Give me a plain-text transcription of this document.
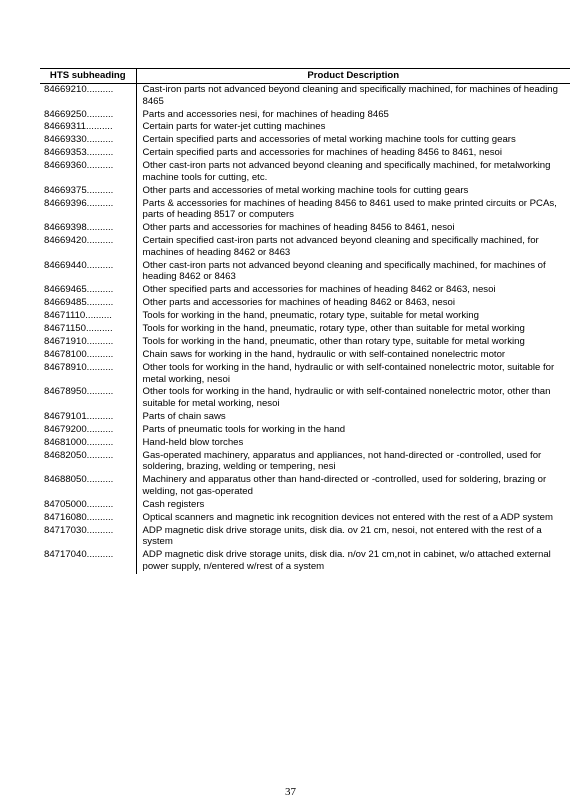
HTS subheading	Product Description
84669210..........	Cast-iron parts not advanced beyond cleaning and specifically machined, for machines of heading 8465
84669250..........	Parts and accessories nesi, for machines of heading 8465
84669311..........	Certain parts for water-jet cutting machines
84669330..........	Certain specified parts and accessories of metal working machine tools for cutting gears
84669353..........	Certain specified parts and accessories for machines of heading 8456 to 8461, nesoi
84669360..........	Other cast-iron parts not advanced beyond cleaning and specifically machined, for metalworking machine tools for cutting, etc.
84669375..........	Other parts and accessories of metal working machine tools for cutting gears
84669396..........	Parts & accessories for machines of heading 8456 to 8461 used to make printed circuits or PCAs, parts of heading 8517 or computers
84669398..........	Other parts and accessories for machines of heading 8456 to 8461, nesoi
84669420..........	Certain specified cast-iron parts not advanced beyond cleaning and specifically machined, for machines of heading 8462 or 8463
84669440..........	Other cast-iron parts not advanced beyond cleaning and specifically machined, for machines of heading 8462 or 8463
84669465..........	Other specified parts and accessories for machines of heading 8462 or 8463, nesoi
84669485..........	Other parts and accessories for machines of heading 8462 or 8463, nesoi
84671110..........	Tools for working in the hand, pneumatic, rotary type, suitable for metal working
84671150..........	Tools for working in the hand, pneumatic, rotary type, other than suitable for metal working
84671910..........	Tools for working in the hand, pneumatic, other than rotary type, suitable for metal working
84678100..........	Chain saws for working in the hand, hydraulic or with self-contained nonelectric motor
84678910..........	Other tools for working in the hand, hydraulic or with self-contained nonelectric motor, suitable for metal working, nesoi
84678950..........	Other tools for working in the hand, hydraulic or with self-contained nonelectric motor, other than suitable for metal working, nesoi
84679101..........	Parts of chain saws
84679200..........	Parts of pneumatic tools for working in the hand
84681000..........	Hand-held blow torches
84682050..........	Gas-operated machinery, apparatus and appliances, not hand-directed or -controlled, used for soldering, brazing, welding or tempering, nesi
84688050..........	Machinery and apparatus other than hand-directed or -controlled, used for soldering, brazing or welding, not gas-operated
84705000..........	Cash registers
84716080..........	Optical scanners and magnetic ink recognition devices not entered with the rest of a ADP system
84717030..........	ADP magnetic disk drive storage units, disk dia. ov 21 cm, nesoi, not entered with the rest of a system
84717040..........	ADP magnetic disk drive storage units, disk dia. n/ov 21 cm,not in cabinet, w/o attached external power supply, n/entered w/rest of a system
37
